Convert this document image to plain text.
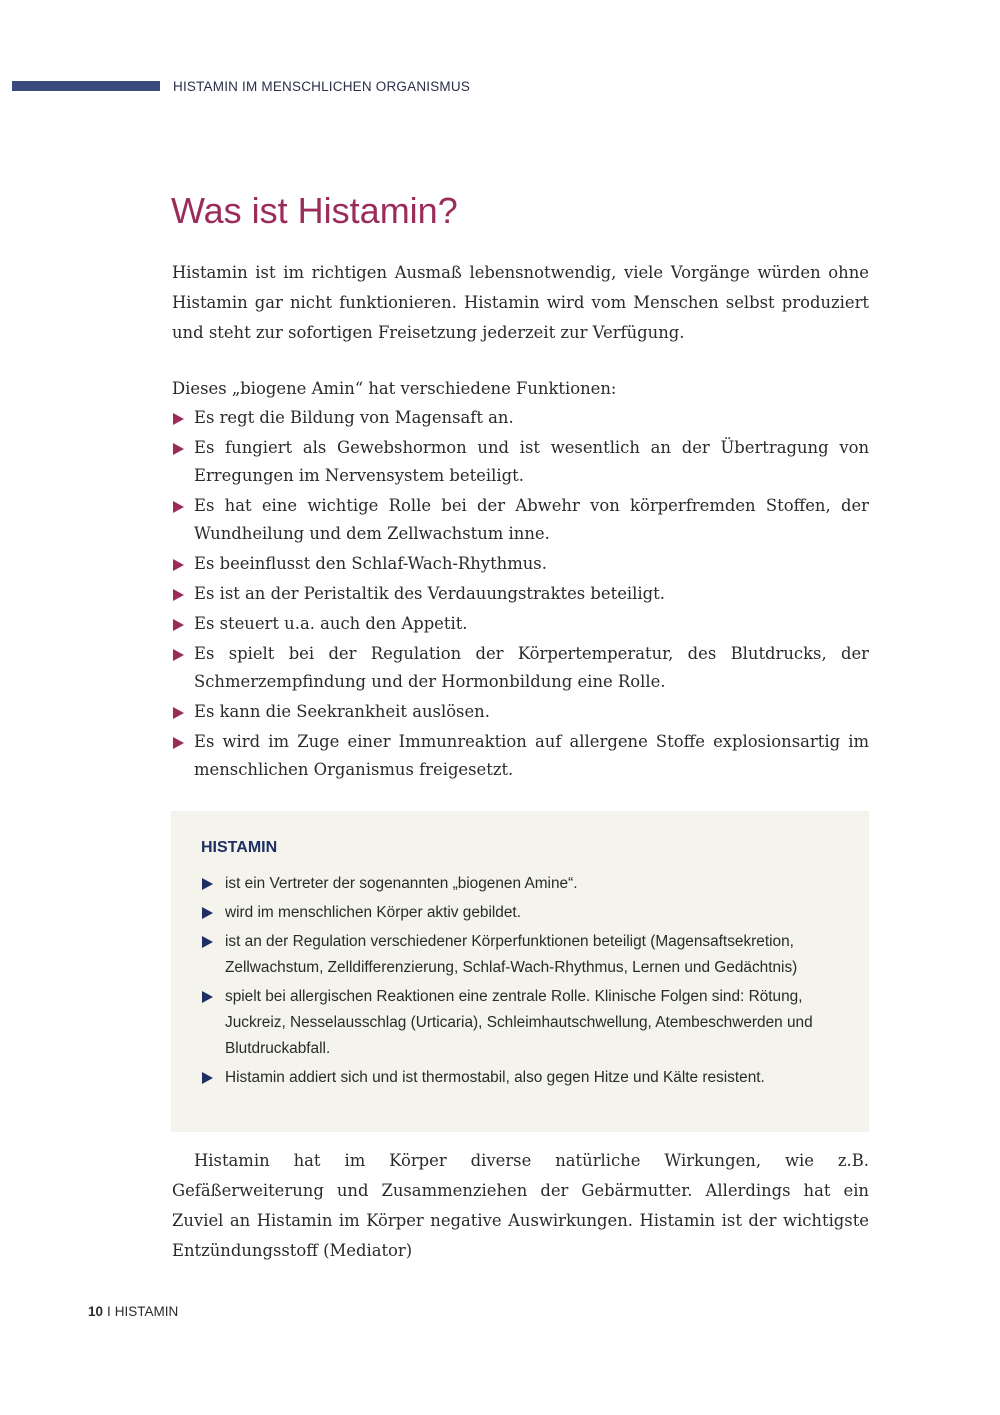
HISTAMIN IM MENSCHLICHEN ORGANISMUS
Was ist Histamin?

Histamin ist im richtigen Ausmaß lebensnotwendig, viele Vorgänge würden ohne Histamin gar nicht funktionieren. Histamin wird vom Menschen selbst produziert und steht zur sofortigen Freisetzung jederzeit zur Verfügung.

Dieses „biogene Amin“ hat verschiedene Funktionen:

Es regt die Bildung von Magensaft an.
Es fungiert als Gewebshormon und ist wesentlich an der Übertragung von Erregungen im Nervensystem beteiligt.
Es hat eine wichtige Rolle bei der Abwehr von körperfremden Stoffen, der Wundheilung und dem Zellwachstum inne.
Es beeinflusst den Schlaf-Wach-Rhythmus.
Es ist an der Peristaltik des Verdauungstraktes beteiligt.
Es steuert u.a. auch den Appetit.
Es spielt bei der Regulation der Körpertemperatur, des Blutdrucks, der Schmerzempfindung und der Hormonbildung eine Rolle.
Es kann die Seekrankheit auslösen.
Es wird im Zuge einer Immunreaktion auf allergene Stoffe explosionsartig im menschlichen Organismus freigesetzt.

HISTAMIN

ist ein Vertreter der sogenannten „biogenen Amine“.
wird im menschlichen Körper aktiv gebildet.
ist an der Regulation verschiedener Körperfunktionen beteiligt (Magensaftsekretion, Zellwachstum, Zelldifferenzierung, Schlaf-Wach-Rhythmus, Lernen und Gedächtnis)
spielt bei allergischen Reaktionen eine zentrale Rolle. Klinische Folgen sind: Rötung, Juckreiz, Nesselausschlag (Urticaria), Schleimhautschwellung, Atembeschwerden und Blutdruckabfall.
Histamin addiert sich und ist thermostabil, also gegen Hitze und Kälte resistent.

Histamin hat im Körper diverse natürliche Wirkungen, wie z.B. Gefäßerweiterung und Zusammenziehen der Gebärmutter. Allerdings hat ein Zuviel an Histamin im Körper negative Auswirkungen. Histamin ist der wichtigste Entzündungsstoff (Mediator)

10 I HISTAMIN
